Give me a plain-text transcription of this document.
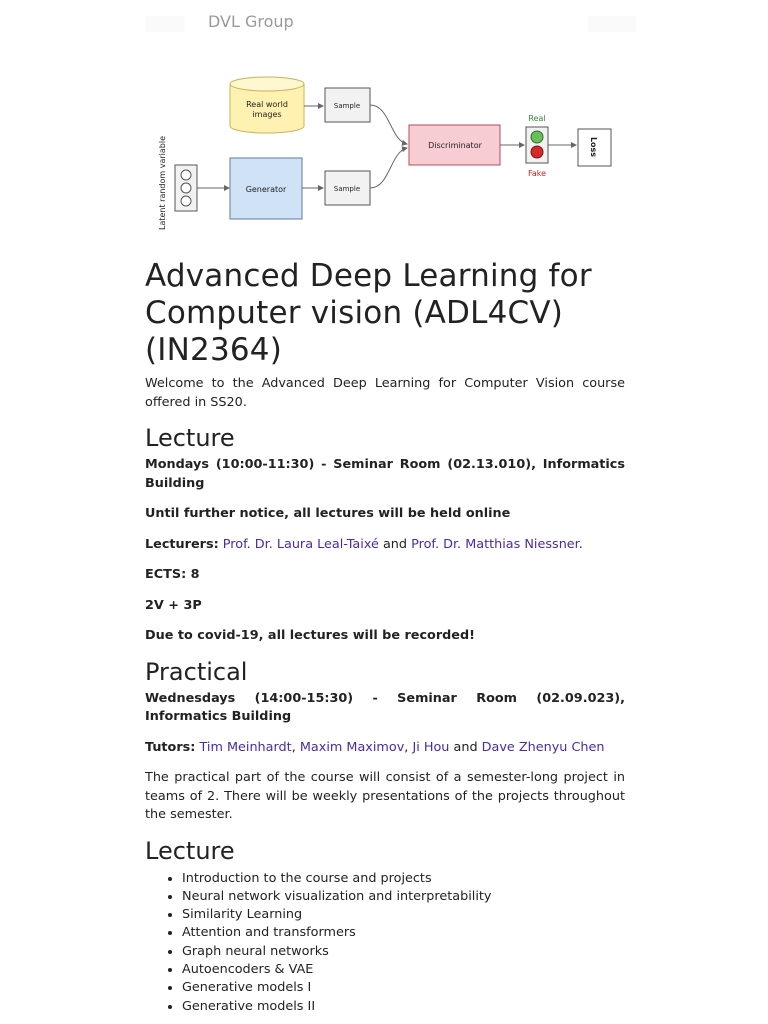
DVL Group
Latent random variable	Generator
Real world
images
Sample
Sample
Discriminator
Real
Fake
Loss
Advanced Deep Learning for Computer vision (ADL4CV) (IN2364)

Welcome to the Advanced Deep Learning for Computer Vision course offered in SS20.

Lecture

Mondays (10:00-11:30) - Seminar Room (02.13.010), Informatics Building

Until further notice, all lectures will be held online

Lecturers: Prof. Dr. Laura Leal-Taixé and Prof. Dr. Matthias Niessner.

ECTS: 8

2V + 3P

Due to covid-19, all lectures will be recorded!

Practical

Wednesdays (14:00-15:30) - Seminar Room (02.09.023), Informatics Building

Tutors: Tim Meinhardt, Maxim Maximov, Ji Hou and Dave Zhenyu Chen

The practical part of the course will consist of a semester-long project in teams of 2. There will be weekly presentations of the projects throughout the semester.

Lecture
• Introduction to the course and projects
• Neural network visualization and interpretability
• Similarity Learning
• Attention and transformers
• Graph neural networks
• Autoencoders & VAE
• Generative models I
• Generative models II
